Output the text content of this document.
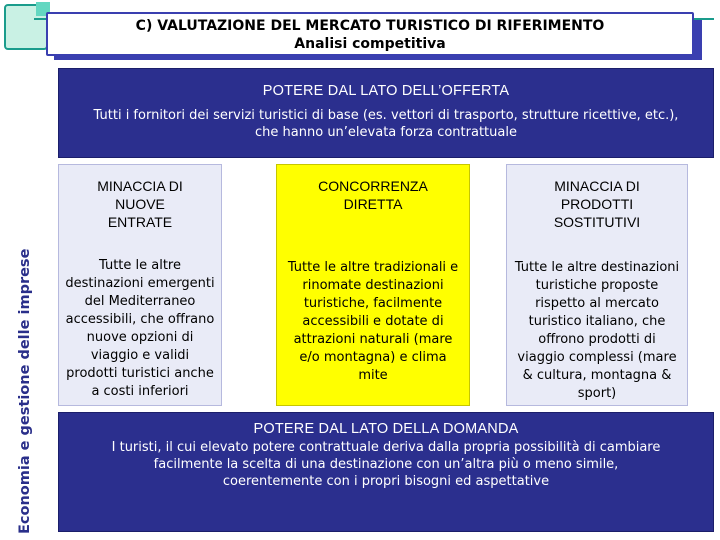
C) VALUTAZIONE DEL MERCATO TURISTICO DI RIFERIMENTO
Analisi competitiva
Economia e gestione delle imprese
POTERE DAL LATO DELL’OFFERTA
Tutti i fornitori dei servizi turistici di base (es. vettori di trasporto, strutture ricettive, etc.), che hanno un’elevata forza contrattuale
MINACCIA DI NUOVE ENTRATE
Tutte le altre destinazioni emergenti del Mediterraneo accessibili, che offrano nuove opzioni di viaggio e validi prodotti turistici anche a costi inferiori
CONCORRENZA DIRETTA
Tutte le altre tradizionali e rinomate destinazioni turistiche, facilmente accessibili e dotate di attrazioni naturali (mare e/o montagna) e clima mite
MINACCIA DI PRODOTTI SOSTITUTIVI
Tutte le altre destinazioni turistiche proposte rispetto al mercato turistico italiano, che offrono prodotti di viaggio complessi (mare & cultura, montagna & sport)
POTERE DAL LATO DELLA DOMANDA
I turisti, il cui elevato potere contrattuale deriva dalla propria possibilità di cambiare facilmente la scelta di una destinazione con un’altra più o meno simile, coerentemente con i propri bisogni ed aspettative
